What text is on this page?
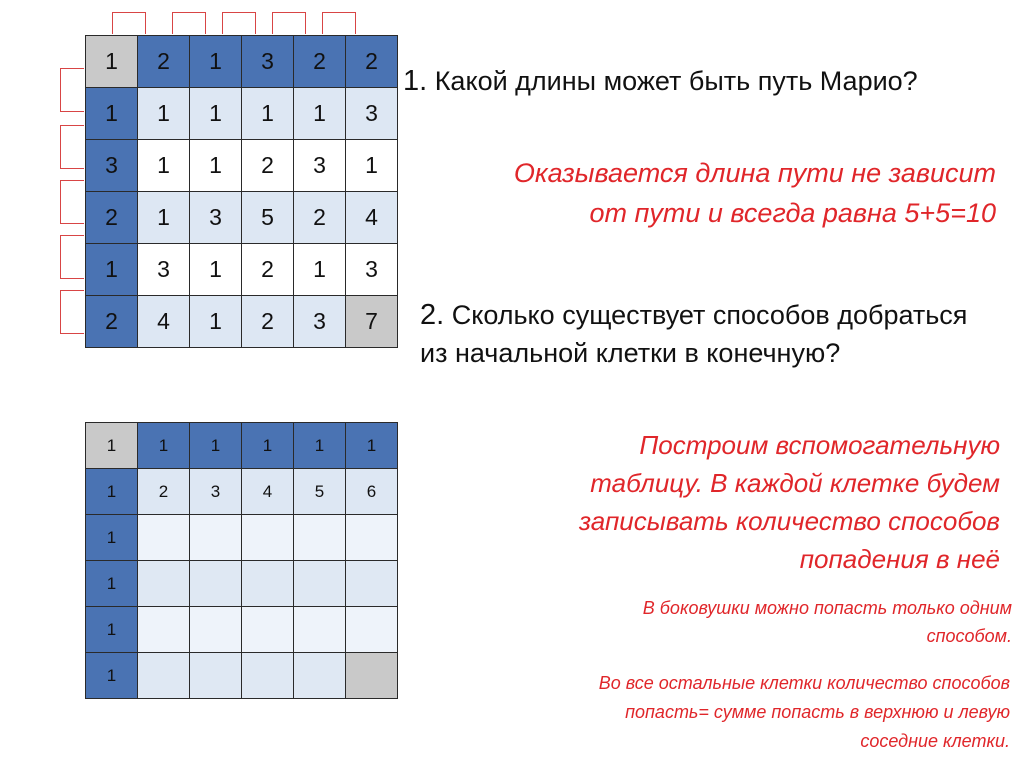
1	2	1	3	2	2
1	1	1	1	1	3
3	1	1	2	3	1
2	1	3	5	2	4
1	3	1	2	1	3
2	4	1	2	3	7
1	1	1	1	1	1
1	2	3	4	5	6
1					
1					
1					
1					
1. Какой длины может быть путь Марио?
Оказывается длина пути не зависит
от пути и всегда равна 5+5=10
2. Сколько существует способов добраться из начальной клетки в конечную?
Построим вспомогательную
таблицу. В каждой клетке будем
записывать количество способов
попадения в неё
В боковушки можно попасть только одним
способом.
Во все остальные клетки количество способов
попасть= сумме попасть в верхнюю и левую
соседние клетки.
